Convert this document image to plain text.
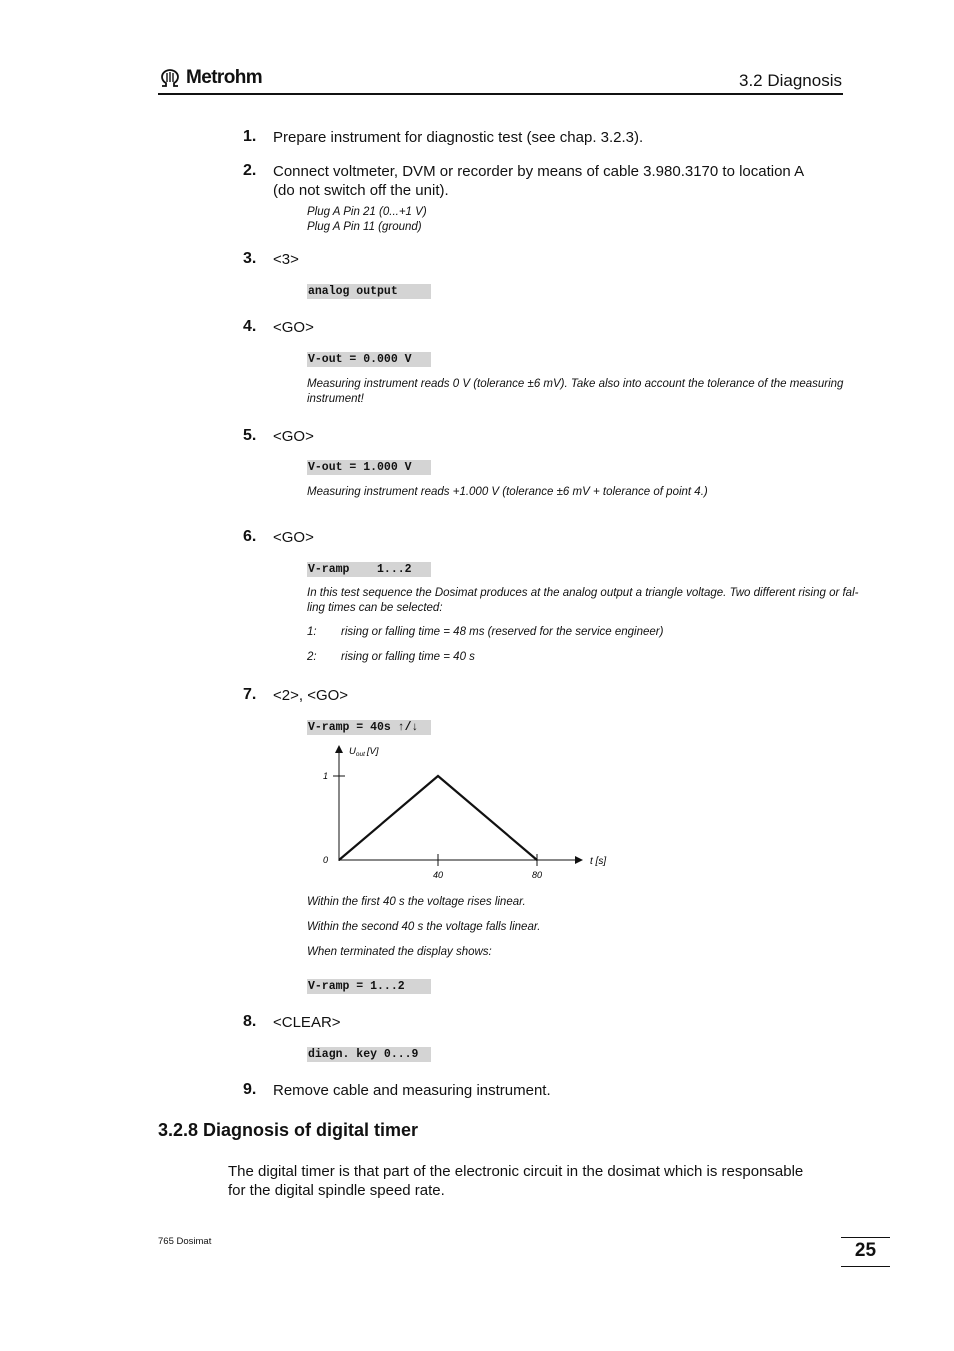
Metrohm	3.2 Diagnosis
1.	Prepare instrument for diagnostic test (see chap. 3.2.3).
2.	Connect voltmeter, DVM or recorder by means of cable 3.980.3170 to location A
(do not switch off the unit).
Plug A Pin 21 (0...+1 V)
Plug A Pin 11 (ground)
3.	<3>
analog output
4.	<GO>
V-out = 0.000 V
Measuring instrument reads 0 V (tolerance ±6 mV). Take also into account the tolerance of the measuring
instrument!
5.	<GO>
V-out = 1.000 V
Measuring instrument reads +1.000 V (tolerance ±6 mV + tolerance of point 4.)
6.	<GO>
V-ramp    1...2
In this test sequence the Dosimat produces at the analog output a triangle voltage. Two different rising or fal-
ling times can be selected:
1: rising or falling time = 48 ms (reserved for the service engineer)
2: rising or falling time = 40 s
7.	<2>, <GO>
V-ramp = 40s ↑/↓
40	80
$U_{out}$ [V]
t [s]
1
0
Within the first 40 s the voltage rises linear.
Within the second 40 s the voltage falls linear.
When terminated the display shows:
V-ramp = 1...2
8.	<CLEAR>
diagn. key 0...9
9.	Remove cable and measuring instrument.
3.2.8 Diagnosis of digital timer
The digital timer is that part of the electronic circuit in the dosimat which is responsable
for the digital spindle speed rate.
765 Dosimat	25
